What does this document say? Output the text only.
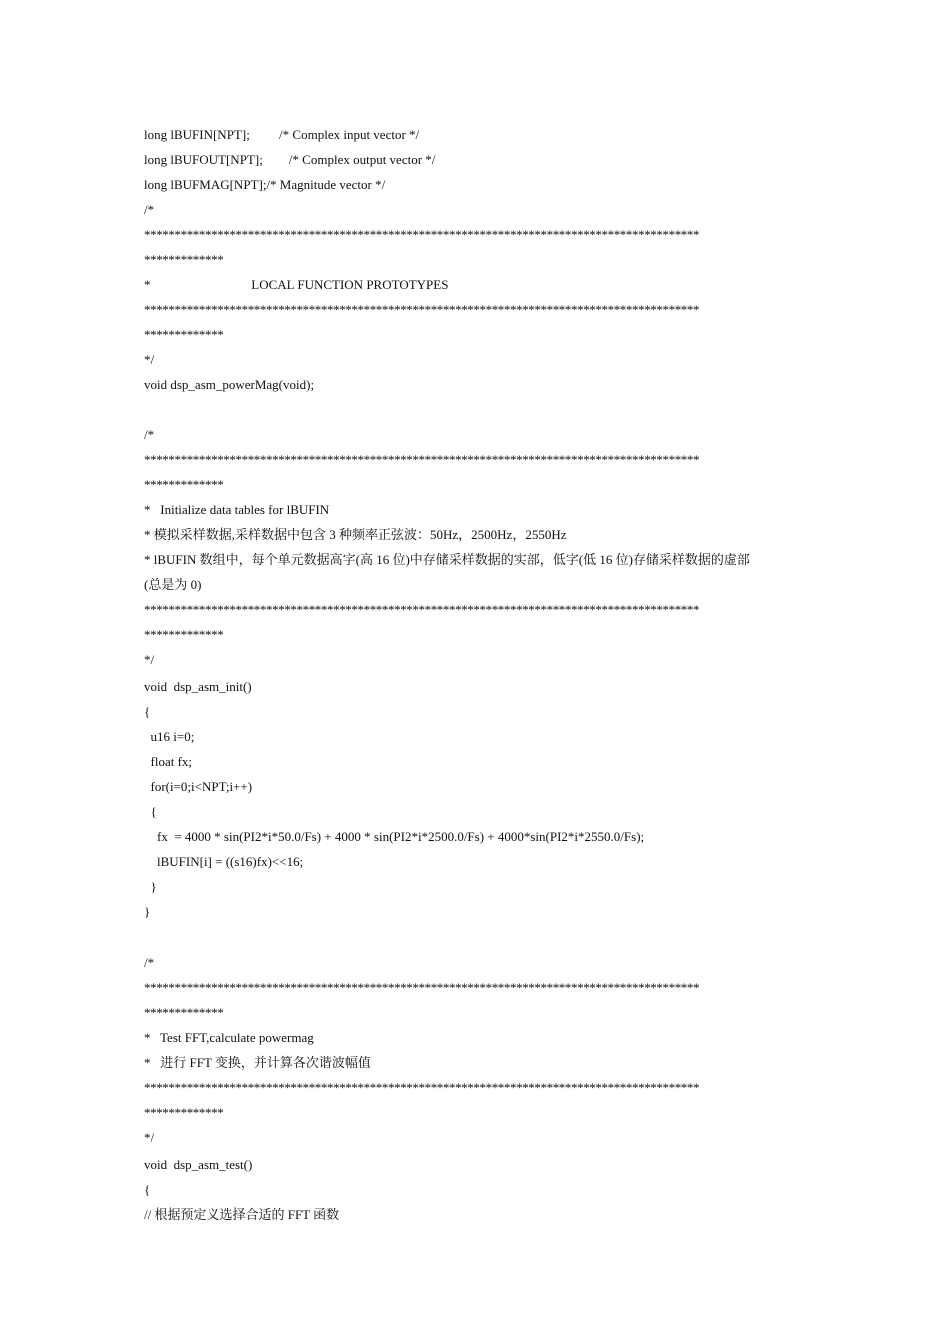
long lBUFIN[NPT];         /* Complex input vector */
long lBUFOUT[NPT];        /* Complex output vector */
long lBUFMAG[NPT];/* Magnitude vector */
/*
*******************************************************************************************
*************
*                               LOCAL FUNCTION PROTOTYPES
*******************************************************************************************
*************
*/
void dsp_asm_powerMag(void);
/*
*******************************************************************************************
*************
*   Initialize data tables for lBUFIN
* 模拟采样数据,采样数据中包含 3 种频率正弦波：50Hz，2500Hz，2550Hz
* lBUFIN 数组中，每个单元数据高字(高 16 位)中存储采样数据的实部，低字(低 16 位)存储采样数据的虚部
(总是为 0)
*******************************************************************************************
*************
*/
void  dsp_asm_init()
{
u16 i=0;
float fx;
for(i=0;i<NPT;i++)
{
fx  = 4000 * sin(PI2*i*50.0/Fs) + 4000 * sin(PI2*i*2500.0/Fs) + 4000*sin(PI2*i*2550.0/Fs);
lBUFIN[i] = ((s16)fx)<<16;
}
}
/*
*******************************************************************************************
*************
*   Test FFT,calculate powermag
*   进行 FFT 变换，并计算各次谐波幅值
*******************************************************************************************
*************
*/
void  dsp_asm_test()
{
// 根据预定义选择合适的 FFT 函数
